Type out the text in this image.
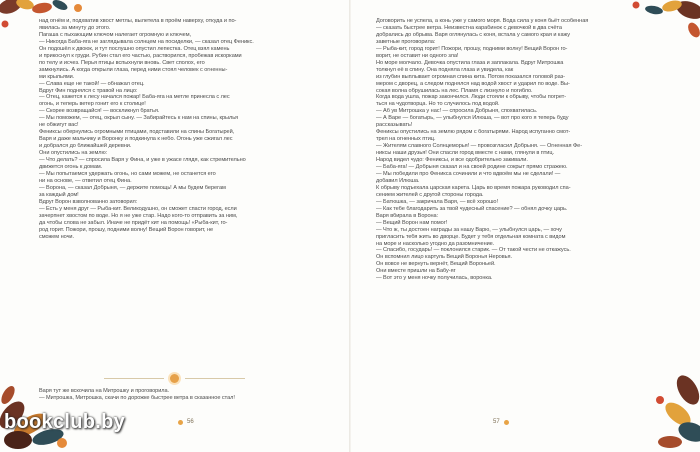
над огнём и, подхватив хвост метлы, вылетела в проём наверху, откуда и по-

явилась за минуту до этого.

Пагаша с пыхающим ключом налегает огромную и ключем,

— Никогда Баба-яга не заглядывала солнцем на посиделки, — сказал отец Феникс.

Он подошёл к двоюк, и тут послушно опустил лепестка. Отец взял камень

и прикоснул к груди. Рубин стал его частью, растворился, пробежав искорками

по телу и исчез. Перья птицы вспыхнули вновь. Свет сполох, его

замкнулись. А когда открыли глаза, перед ними стоял человек с огненны-

ми крыльями.

— Слава еще не такой! — обнажал отец.

Вдруг Фин поднялся с травой на лицо:

— Отец, кажется к лесу начался пожар! Баба-яга на метле принесла с лес

огонь, и теперь ветер гонит его к столице!

— Скорее возвращайся! — воскликнул братья.

— Мы поможем, — отец, окрыл сыну. — Забирайтесь к нам на спины, крылья

не обжигут вас!

Фениксы обернулись огромными птицами, подставили на спины Богатырей,

Варя и даже мальчику и Воронку и подкинула к небо. Огонь уже сжигал лес

и добрался до ближайшей деревни.

Они опустились на землю:

— Что делать? — спросила Варя у Фина, и уже в ужасе глядя, как стремительно

движется огонь к домам.

— Мы попытаемся удержать огонь, но сами можем, не останется его

ни на основе, — ответил отец Фина.

— Ворона, — сказал Добрыня, — держите помощь! А мы будем берегам

за каждый дом!

Вдруг Ворон взволнованно затоворил:

— Есть у меня друг — Рыба-кит. Великодушно, он сможет спасти город, если

зачерпнет хвостом по воде. Но я не уже стар. Надо кого-то отправить за ним,

да чтобы слова не забыл. Иначе не придёт кит на помощь! «Рыба-кит, го-

род горит. Пожори, прошу, подними волну! Вещий Ворон говорит, не

сможем ночи.

Варя тут же вскочила на Митрошку и проговорила.

— Митрошка, Митрошка, скачи по дорожке быстрее ветра в сказанное стал!

56
bookclub.by

Договорить не успела, а конь уже у самого моря. Вода сила у коня бьёт особенная

— сказать быстрее ветра. Неизвестна карабинок с девочкой в два счёта

добрались до обрыва. Варя оглянулась с коня, встала у самого края и кажу

заветные проговорила:

— Рыба-кит, город горит! Пожори, прошу, подними волну! Вещий Ворон го-

ворит, не оставит ни одного зла!

Но море молчало. Девочка опустила глаза и заплакала. Вдруг Митрошка

толкнул её в спину. Она подняла глаза и увидела, как

из глубин выплывает огромная спина кита. Потом показался головой раз-

мером с дворец, а следом поднялся над водой хвост и ударил по воде. Вы-

сокая волна обрушилась на лес. Пламя с лизнуло и погибло.

Когда вода ушла, пожар закончился. Люди стояли к обрыву, чтобы погрет-

ться на чудотворца. Но то случилось под водой.

— Аб ув Митрошка у нас! — спросила Добрыня, спохватилась.

— А Варе — богатырь, — улыбнулся Илюша, — вот про кого я теперь буду

рассказывать!

Фениксы опустились на землю рядом с богатырями. Народ испуганно смот-

трел на огненных птиц.

— Жителям славного Солнцеморья! — провозгласил Добрыня. — Огненная Фе-

никсы наши друзья! Они спасли город вместе с нами, глянули в птиц.

Народ видел чудо: Фениксы, и все одобрительно закивали.

— Баба-яга! — Добрыня сказал и на своей родине сокрыт прямо стражею.

— Мы победили про Феникса сочинили и что вдвоём мы не сделали! —

добавил Илюша.

К обрыву подъехала царская карета. Царь во время пожара руководил спа-

сением жителей с другой стороны города.

— Батюшка, — закричала Варя, — всё хорошо!

— Как тебе благодарить за твой чудесный спасение? — обнял дочку царь.

Варя вбирала в Ворона:

— Вещий Ворон нам помог!

— Что ж, ты достоен награды за нашу Варю, — улыбнулся царь, — хочу

пригласить тебя жить во дворце. Будет у тебя отдельная комната с видом

на море и насколько угодно да разомничение.

— Спасибо, государь! — поклонился старик. — От такой чести не откажусь.

Он вспомнил лицо картуль Вещий Воронья Неровья.

Он вовсе не вернуть вернёт, Вещий Вороньей.

Они вместе пришли на Бабу-яг

— Вот это у меня ночку получилась, воронка.

57
